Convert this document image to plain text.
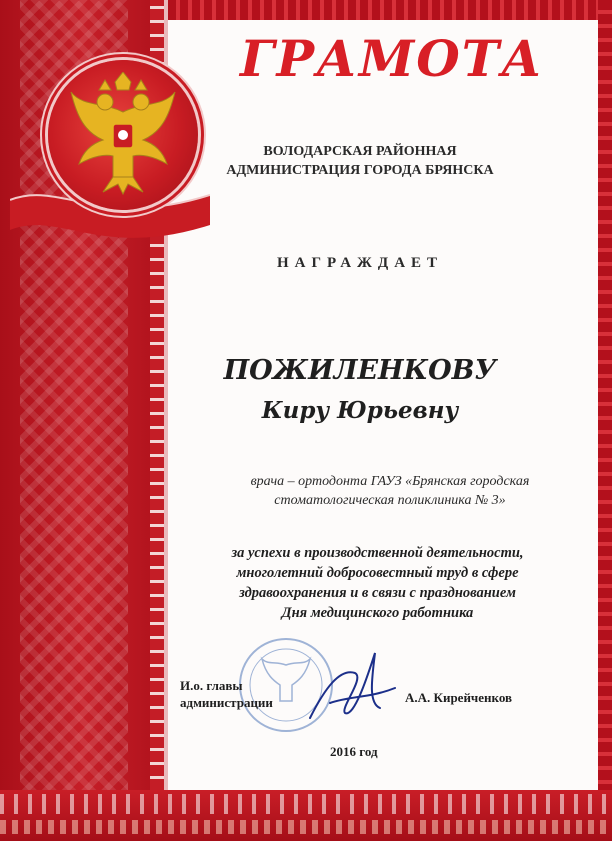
ГРАМОТА
ВОЛОДАРСКАЯ РАЙОННАЯ
АДМИНИСТРАЦИЯ ГОРОДА БРЯНСКА

НАГРАЖДАЕТ

ПОЖИЛЕНКОВУ

Киру Юрьевну

врача – ортодонта ГАУЗ «Брянская городская
стоматологическая поликлиника № 3»
за успехи в производственной деятельности,
многолетний добросовестный труд в сфере
здравоохранения и в связи с празднованием
Дня медицинского работника
И.о. главы
администрации	А.А. Кирейченков

2016 год
